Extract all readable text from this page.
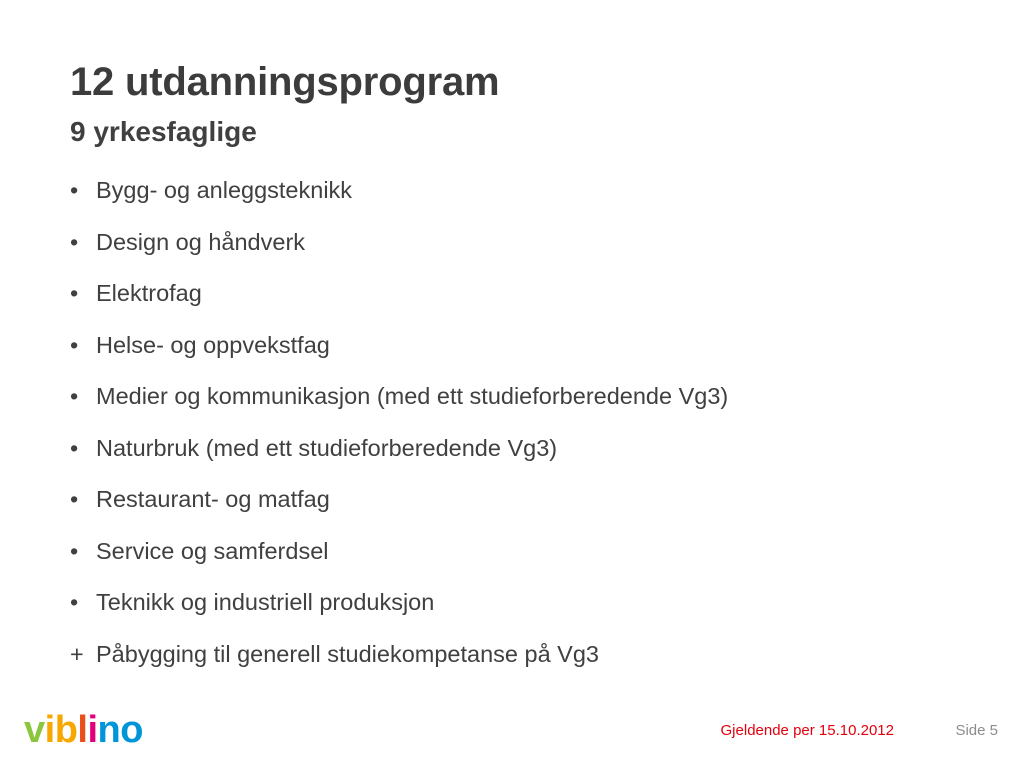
12 utdanningsprogram
9 yrkesfaglige
• Bygg- og anleggsteknikk
• Design og håndverk
• Elektrofag
• Helse- og oppvekstfag
• Medier og kommunikasjon (med ett studieforberedende Vg3)
• Naturbruk (med ett studieforberedende Vg3)
• Restaurant- og matfag
• Service og samferdsel
• Teknikk og industriell produksjon
+ Påbygging til generell studiekompetanse på Vg3
v i b l i n o	Gjeldende per 15.10.2012	Side 5
